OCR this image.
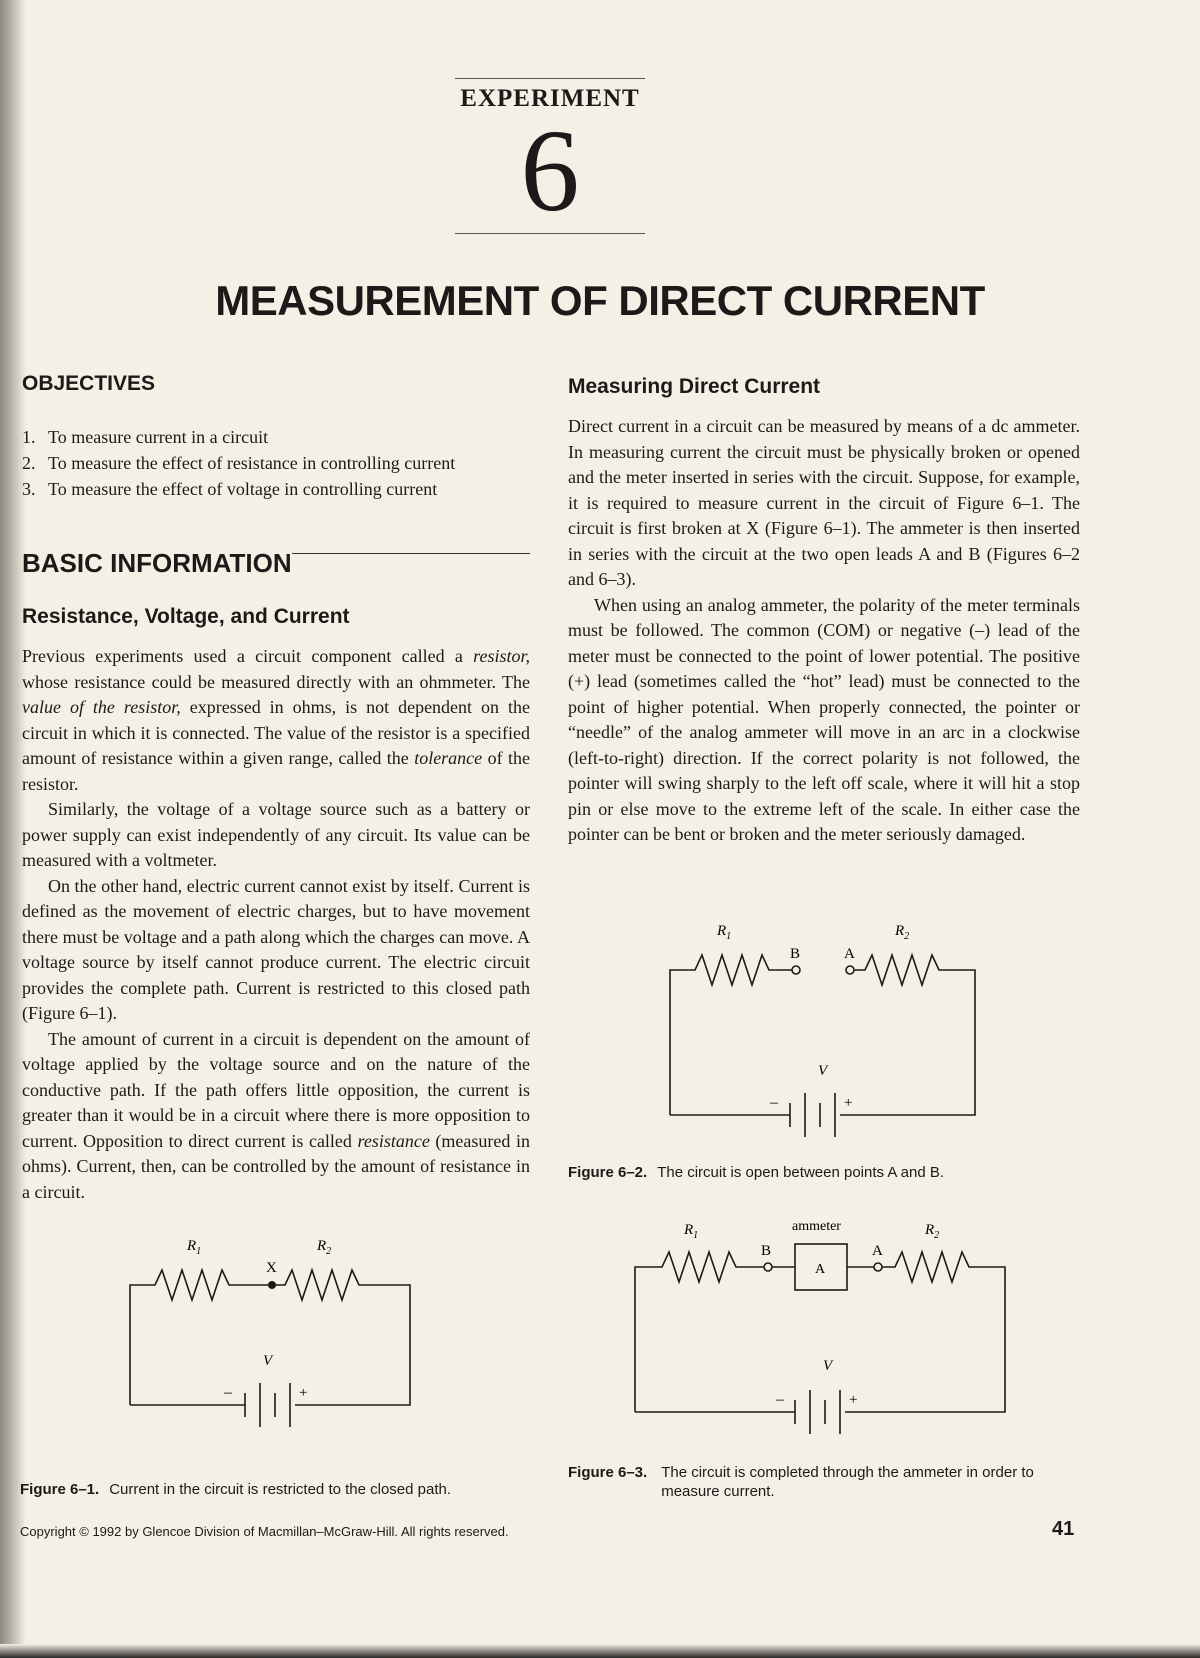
EXPERIMENT
6
MEASUREMENT OF DIRECT CURRENT
OBJECTIVES
1. To measure current in a circuit
2. To measure the effect of resistance in controlling current
3. To measure the effect of voltage in controlling current
BASIC INFORMATION
Resistance, Voltage, and Current

Previous experiments used a circuit component called a resistor, whose resistance could be measured directly with an ohmmeter. The value of the resistor, expressed in ohms, is not dependent on the circuit in which it is connected. The value of the resistor is a specified amount of resistance within a given range, called the tolerance of the resistor.

Similarly, the voltage of a voltage source such as a battery or power supply can exist independently of any circuit. Its value can be measured with a voltmeter.

On the other hand, electric current cannot exist by itself. Current is defined as the movement of electric charges, but to have movement there must be voltage and a path along which the charges can move. A voltage source by itself cannot produce current. The electric circuit provides the complete path. Current is restricted to this closed path (Figure 6–1).

The amount of current in a circuit is dependent on the amount of voltage applied by the voltage source and on the nature of the conductive path. If the path offers little opposition, the current is greater than it would be in a circuit where there is more opposition to current. Opposition to direct current is called resistance (measured in ohms). Current, then, can be controlled by the amount of resistance in a circuit.

$R_1$	$R_2$
X
V
–	+
Figure 6–1. Current in the circuit is restricted to the closed path.
Measuring Direct Current

Direct current in a circuit can be measured by means of a dc ammeter. In measuring current the circuit must be physically broken or opened and the meter inserted in series with the circuit. Suppose, for example, it is required to measure current in the circuit of Figure 6–1. The circuit is first broken at X (Figure 6–1). The ammeter is then inserted in series with the circuit at the two open leads A and B (Figures 6–2 and 6–3).

When using an analog ammeter, the polarity of the meter terminals must be followed. The common (COM) or negative (–) lead of the meter must be connected to the point of lower potential. The positive (+) lead (sometimes called the “hot” lead) must be connected to the point of higher potential. When properly connected, the pointer or “needle” of the analog ammeter will move in an arc in a clockwise (left-to-right) direction. If the correct polarity is not followed, the pointer will swing sharply to the left off scale, where it will hit a stop pin or else move to the extreme left of the scale. In either case the pointer can be bent or broken and the meter seriously damaged.

$R_1$	$R_2$
B	A
V
–	+
Figure 6–2. The circuit is open between points A and B.
$R_1$	$R_2$
ammeter
A
B	A
V
–	+
Figure 6–3. The circuit is completed through the ammeter in order to measure current.
Copyright © 1992 by Glencoe Division of Macmillan–McGraw-Hill. All rights reserved.	41
